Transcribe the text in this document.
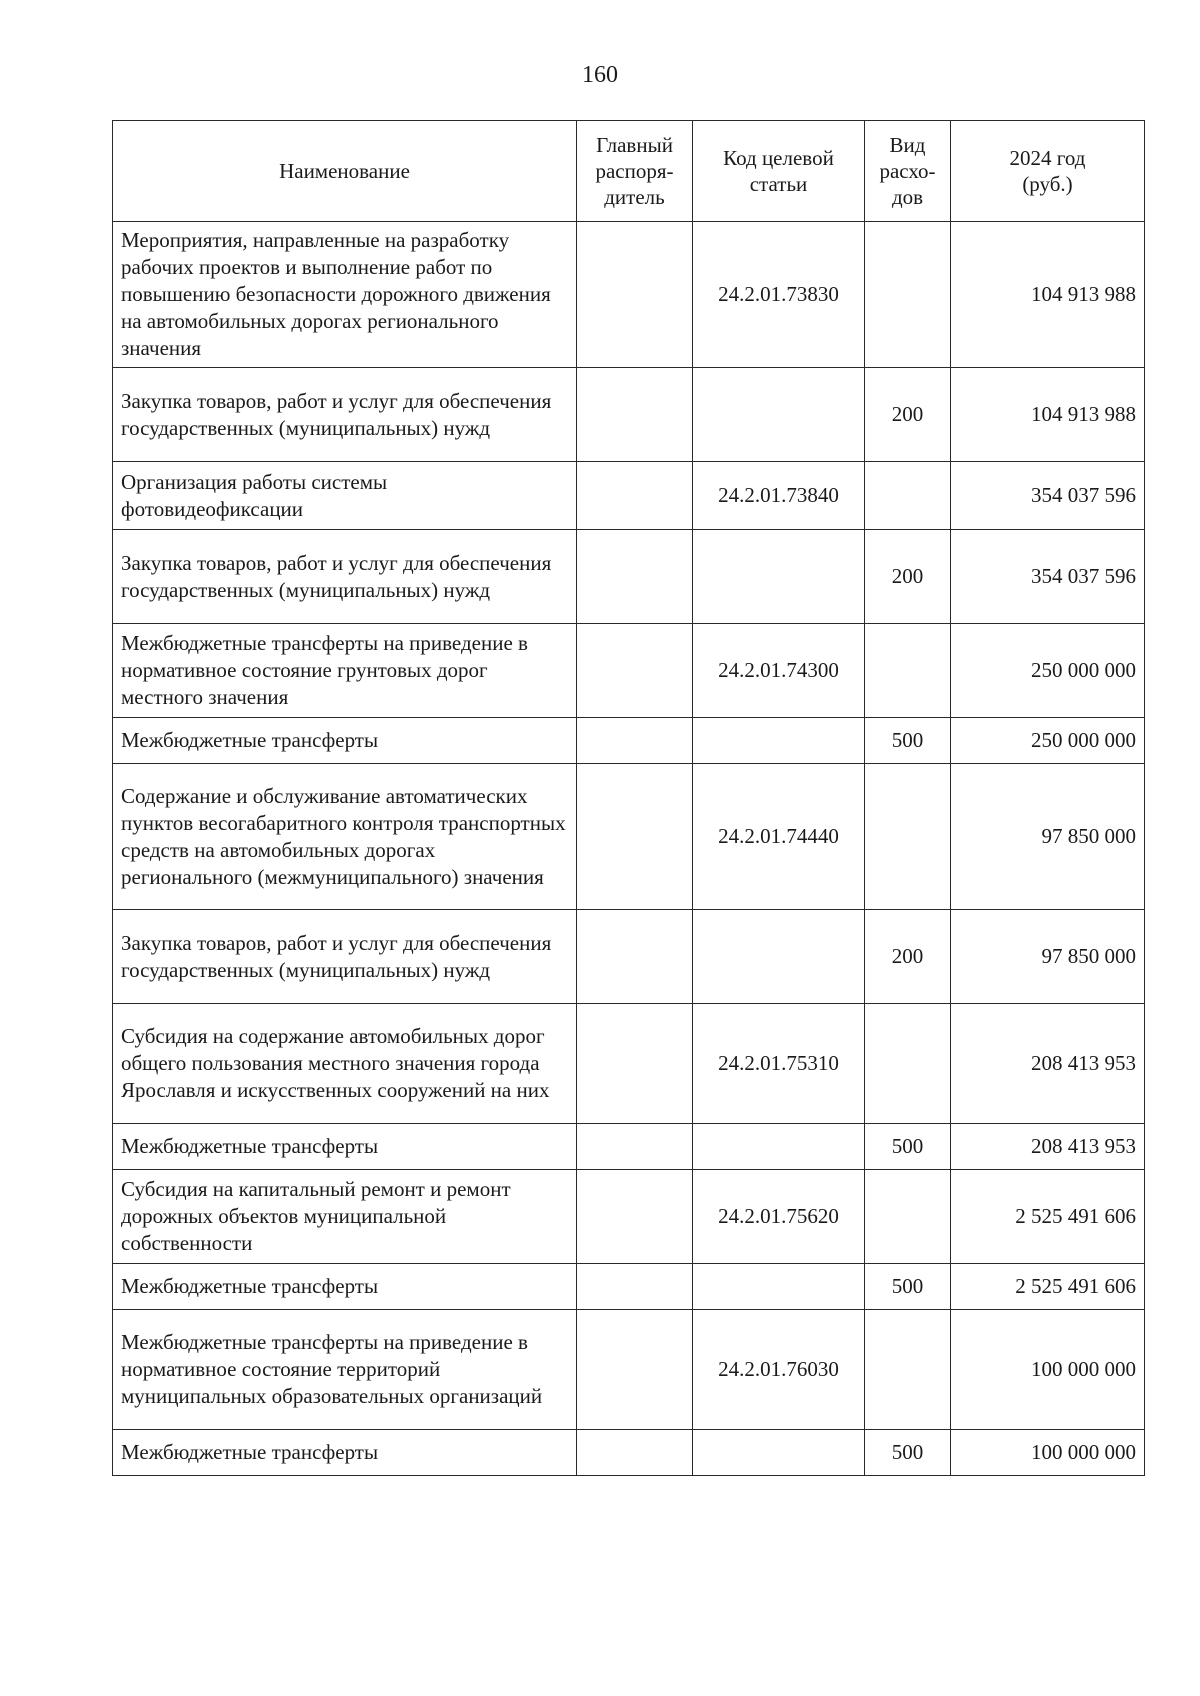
160
Наименование	Главный
распоря-
дитель	Код целевой
статьи	Вид
расхо-
дов	2024 год
(руб.)

Мероприятия, направленные на разработку рабочих проектов и выполнение работ по повышению безопасности дорожного движения на автомобильных дорогах регионального значения		24.2.01.73830		104 913 988
Закупка товаров, работ и услуг для обеспечения государственных (муниципальных) нужд			200	104 913 988
Организация работы системы фотовидеофиксации		24.2.01.73840		354 037 596
Закупка товаров, работ и услуг для обеспечения государственных (муниципальных) нужд			200	354 037 596
Межбюджетные трансферты на приведение в нормативное состояние грунтовых дорог местного значения		24.2.01.74300		250 000 000
Межбюджетные трансферты			500	250 000 000
Содержание и обслуживание автоматических пунктов весогабаритного контроля транспортных средств на автомобильных дорогах регионального (межмуниципального) значения		24.2.01.74440		97 850 000
Закупка товаров, работ и услуг для обеспечения государственных (муниципальных) нужд			200	97 850 000
Субсидия на содержание автомобильных дорог общего пользования местного значения города Ярославля и искусственных сооружений на них		24.2.01.75310		208 413 953
Межбюджетные трансферты			500	208 413 953
Субсидия на капитальный ремонт и ремонт дорожных объектов муниципальной собственности		24.2.01.75620		2 525 491 606
Межбюджетные трансферты			500	2 525 491 606
Межбюджетные трансферты на приведение в нормативное состояние территорий муниципальных образовательных организаций		24.2.01.76030		100 000 000
Межбюджетные трансферты			500	100 000 000
